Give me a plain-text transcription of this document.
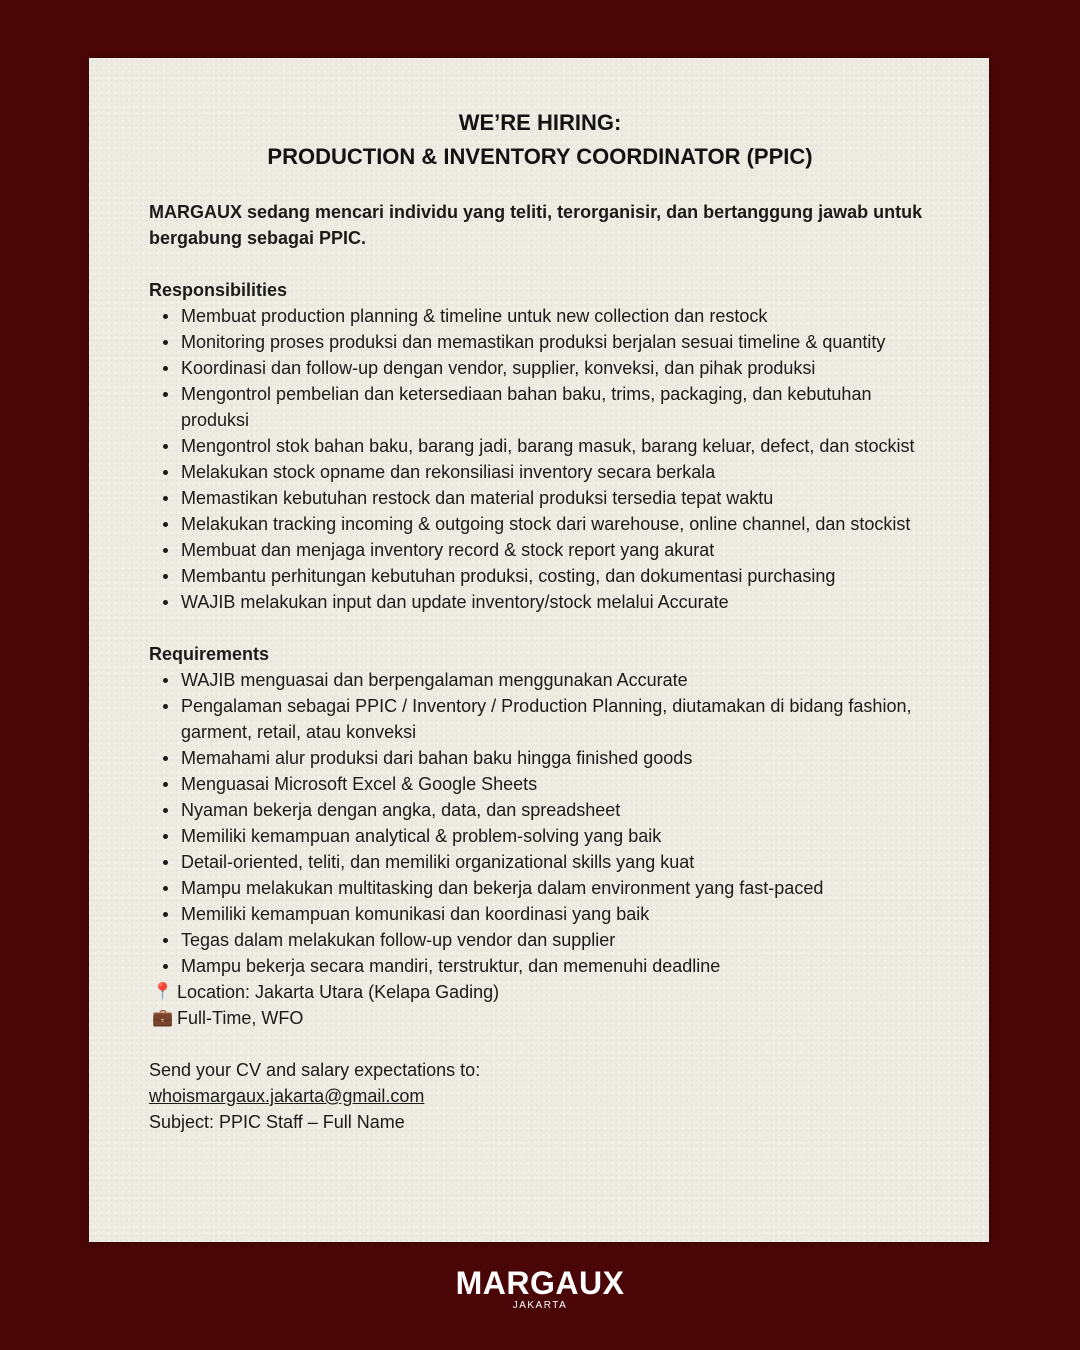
WE’RE HIRING:
PRODUCTION & INVENTORY COORDINATOR (PPIC)

MARGAUX sedang mencari individu yang teliti, terorganisir, dan bertanggung jawab untuk bergabung sebagai PPIC.

Responsibilities

Membuat production planning & timeline untuk new collection dan restock
Monitoring proses produksi dan memastikan produksi berjalan sesuai timeline & quantity
Koordinasi dan follow-up dengan vendor, supplier, konveksi, dan pihak produksi
Mengontrol pembelian dan ketersediaan bahan baku, trims, packaging, dan kebutuhan produksi
Mengontrol stok bahan baku, barang jadi, barang masuk, barang keluar, defect, dan stockist
Melakukan stock opname dan rekonsiliasi inventory secara berkala
Memastikan kebutuhan restock dan material produksi tersedia tepat waktu
Melakukan tracking incoming & outgoing stock dari warehouse, online channel, dan stockist
Membuat dan menjaga inventory record & stock report yang akurat
Membantu perhitungan kebutuhan produksi, costing, dan dokumentasi purchasing
WAJIB melakukan input dan update inventory/stock melalui Accurate

Requirements

WAJIB menguasai dan berpengalaman menggunakan Accurate
Pengalaman sebagai PPIC / Inventory / Production Planning, diutamakan di bidang fashion, garment, retail, atau konveksi
Memahami alur produksi dari bahan baku hingga finished goods
Menguasai Microsoft Excel & Google Sheets
Nyaman bekerja dengan angka, data, dan spreadsheet
Memiliki kemampuan analytical & problem-solving yang baik
Detail-oriented, teliti, dan memiliki organizational skills yang kuat
Mampu melakukan multitasking dan bekerja dalam environment yang fast-paced
Memiliki kemampuan komunikasi dan koordinasi yang baik
Tegas dalam melakukan follow-up vendor dan supplier
Mampu bekerja secara mandiri, terstruktur, dan memenuhi deadline
📍 Location: Jakarta Utara (Kelapa Gading)
💼 Full-Time, WFO
Send your CV and salary expectations to:
whoismargaux.jakarta@gmail.com
Subject: PPIC Staff – Full Name
MARGAUX
JAKARTA
